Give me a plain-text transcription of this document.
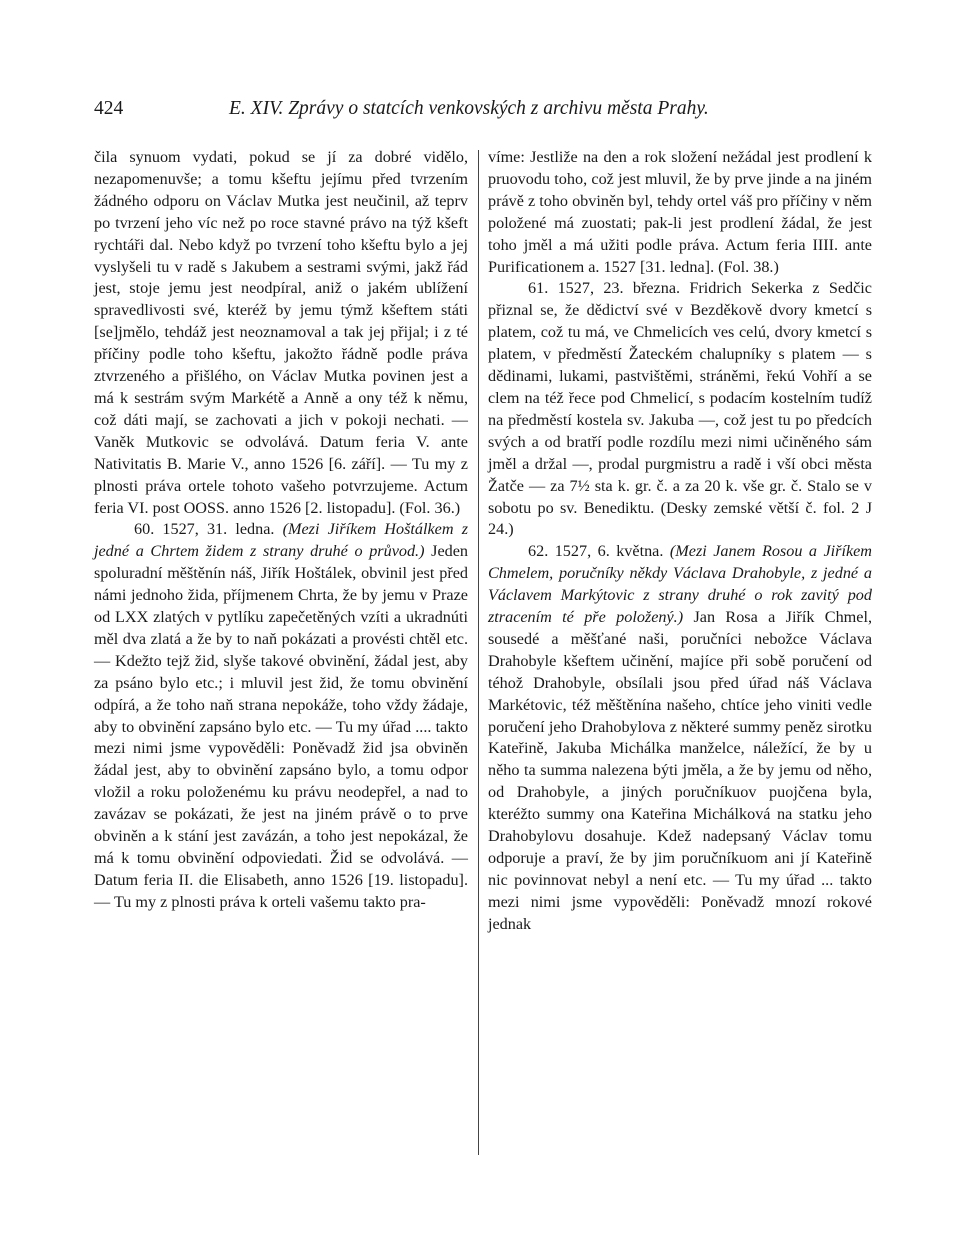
424	E. XIV. Zprávy o statcích venkovských z archivu města Prahy.

čila synuom vydati, pokud se jí za dobré vidělo, nezapomenuvše; a tomu kšeftu jejímu před tvrzením žádného odporu on Václav Mutka jest neučinil, až teprv po tvrzení jeho víc než po roce stavné právo na týž kšeft rychtáři dal. Nebo když po tvrzení toho kšeftu bylo a jej vyslyšeli tu v radě s Jakubem a sestrami svými, jakž řád jest, stoje jemu jest neodpíral, aniž o jakém ublížení spravedlivosti své, kteréž by jemu týmž kšeftem státi [se]jmělo, tehdáž jest neoznamoval a tak jej přijal; i z té příčiny podle toho kšeftu, jakožto řádně podle práva ztvrzeného a přišlého, on Václav Mutka povinen jest a má k sestrám svým Markétě a Anně a ony též k němu, což dáti mají, se zachovati a jich v pokoji nechati. — Vaněk Mutkovic se odvolává. Datum feria V. ante Nativitatis B. Marie V., anno 1526 [6. září]. — Tu my z plnosti práva ortele tohoto vašeho potvrzujeme. Actum feria VI. post OOSS. anno 1526 [2. listopadu]. (Fol. 36.)

60. 1527, 31. ledna. (Mezi Jiříkem Hoštálkem z jedné a Chrtem židem z strany druhé o průvod.) Jeden spoluradní měštěnín náš, Jiřík Hoštálek, obvinil jest před námi jednoho žida, příjmenem Chrta, že by jemu v Praze od LXX zlatých v pytlíku zapečetěných vzíti a ukradnúti měl dva zlatá a že by to naň pokázati a provésti chtěl etc. — Kdežto tejž žid, slyše takové obvinění, žádal jest, aby za psáno bylo etc.; i mluvil jest žid, že tomu obvinění odpírá, a že toho naň strana nepokáže, toho vždy žádaje, aby to obvinění zapsáno bylo etc. — Tu my úřad .... takto mezi nimi jsme vypověděli: Poněvadž žid jsa obviněn žádal jest, aby to obvinění zapsáno bylo, a tomu odpor vložil a roku položenému ku právu neodepřel, a nad to zavázav se pokázati, že jest na jiném právě o to prve obviněn a k stání jest zavázán, a toho jest nepokázal, že má k tomu obvinění odpoviedati. Žid se odvolává. — Datum feria II. die Elisabeth, anno 1526 [19. listopadu]. — Tu my z plnosti práva k orteli vašemu takto pra-

víme: Jestliže na den a rok složení nežádal jest prodlení k pruovodu toho, což jest mluvil, že by prve jinde a na jiném právě z toho obviněn byl, tehdy ortel váš pro příčiny v něm položené má zuostati; pak-li jest prodlení žádal, že jest toho jměl a má užiti podle práva. Actum feria IIII. ante Purificationem a. 1527 [31. ledna]. (Fol. 38.)

61. 1527, 23. března. Fridrich Sekerka z Sedčic přiznal se, že dědictví své v Bezděkově dvory kmetcí s platem, což tu má, ve Chmelicích ves celú, dvory kmetcí s platem, v předměstí Žateckém chalupníky s platem — s dědinami, lukami, pastvištěmi, stráněmi, řekú Vohří a se clem na též řece pod Chmelicí, s podacím kostelním tudíž na předměstí kostela sv. Jakuba —, což jest tu po předcích svých a od bratří podle rozdílu mezi nimi učiněného sám jměl a držal —, prodal purgmistru a radě i vší obci města Žatče — za 7½ sta k. gr. č. a za 20 k. vše gr. č. Stalo se v sobotu po sv. Benediktu. (Desky zemské větší č. fol. 2 J 24.)

62. 1527, 6. května. (Mezi Janem Rosou a Jiříkem Chmelem, poručníky někdy Václava Drahobyle, z jedné a Václavem Markýtovic z strany druhé o rok zavitý pod ztracením té pře položený.) Jan Rosa a Jiřík Chmel, sousedé a měšťané naši, poručníci nebožce Václava Drahobyle kšeftem učinění, majíce při sobě poručení od téhož Drahobyle, obsílali jsou před úřad náš Václava Markétovic, též měštěnína našeho, chtíce jeho viniti vedle poručení jeho Drahobylova z některé summy peněz sirotku Kateřině, Jakuba Michálka manželce, náležící, že by u něho ta summa nalezena býti jměla, a že by jemu od něho, od Drahobyle, a jiných poručníkuov puojčena byla, kteréžto summy ona Kateřina Michálková na statku jeho Drahobylovu dosahuje. Kdež nadepsaný Václav tomu odporuje a praví, že by jim poručníkuom ani jí Kateřině nic povinnovat nebyl a není etc. — Tu my úřad ... takto mezi nimi jsme vypověděli: Poněvadž mnozí rokové jednak
